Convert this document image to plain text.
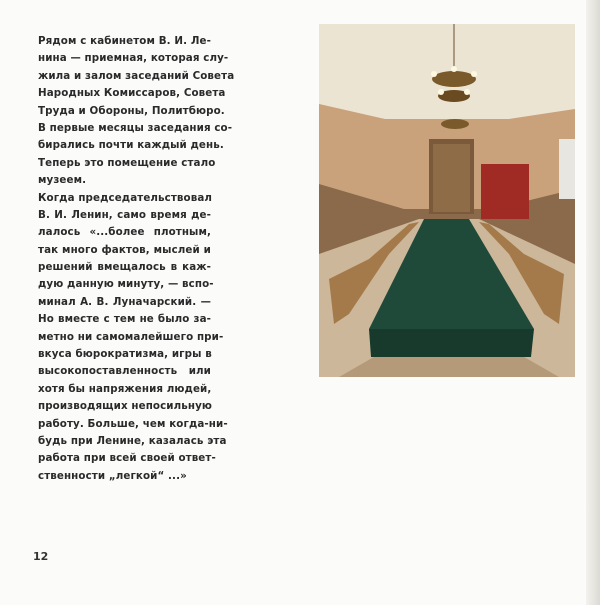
Рядом с кабинетом В. И. Ле-
нина — приемная, которая слу-
жила и залом заседаний Совета
Народных Комиссаров, Совета
Труда и Обороны, Политбюро.
В первые месяцы заседания со-
бирались почти каждый день.
Теперь это помещение стало
музеем.
Когда председательствовал
В. И. Ленин, само время де-
лалось «...более плотным,
так много фактов, мыслей и
решений вмещалось в каж-
дую данную минуту, — вспо-
минал А. В. Луначарский. —
Но вместе с тем не было за-
метно ни самомалейшего при-
вкуса бюрократизма, игры в
высокопоставленность или
хотя бы напряжения людей,
производящих непосильную
работу. Больше, чем когда-ни-
будь при Ленине, казалась эта
работа при всей своей ответ-
ственности „легкой“ ...»
12
